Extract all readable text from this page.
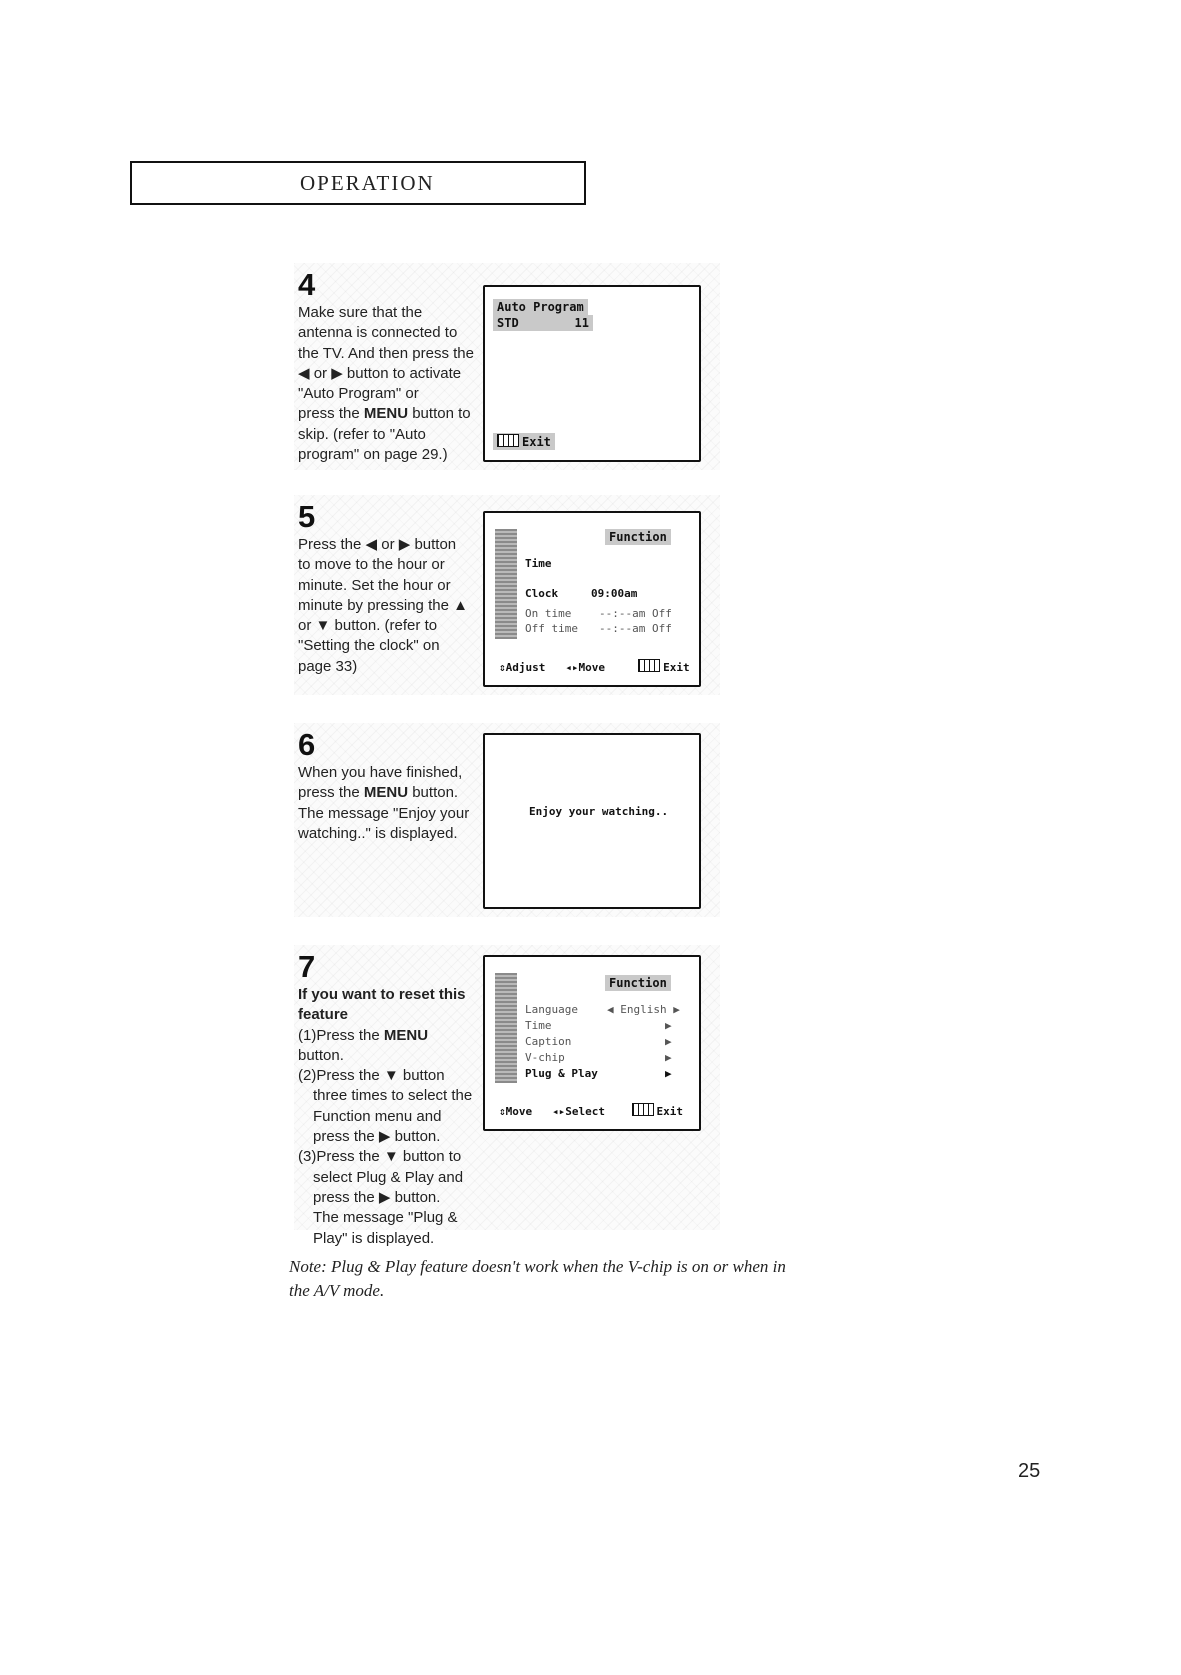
OPERATION
4

Make sure that the

antenna is connected to

the TV. And then press the

◀ or ▶ button to activate

"Auto Program" or

press the MENU button to

skip. (refer to "Auto

program" on page 29.)

Auto Program
STD	11
Exit
5

Press the ◀ or ▶ button

to move to the hour or

minute. Set the hour or

minute by pressing the ▲

or ▼ button. (refer to

"Setting the clock" on

page 33)

Function
Time
Clock	09:00am
On time	--:--am Off
Off time --:--am Off
⇕Adjust ◂▸Move	Exit
6

When you have finished,

press the MENU button.

The message "Enjoy your

watching.." is displayed.

Enjoy your watching..
7

If you want to reset this feature

(1)Press the MENU button.

(2)Press the ▼ button

three times to select the

Function menu and

press the ▶ button.

(3)Press the ▼ button to

select Plug & Play and

press the ▶ button.

The message "Plug &

Play" is displayed.

Function
Language	◀ English ▶
Time	▶
Caption	▶
V-chip	▶
Plug & Play	▶
⇕Move ◂▸Select	Exit
Note: Plug & Play feature doesn't work when the V-chip is on or when in the A/V mode.
25
